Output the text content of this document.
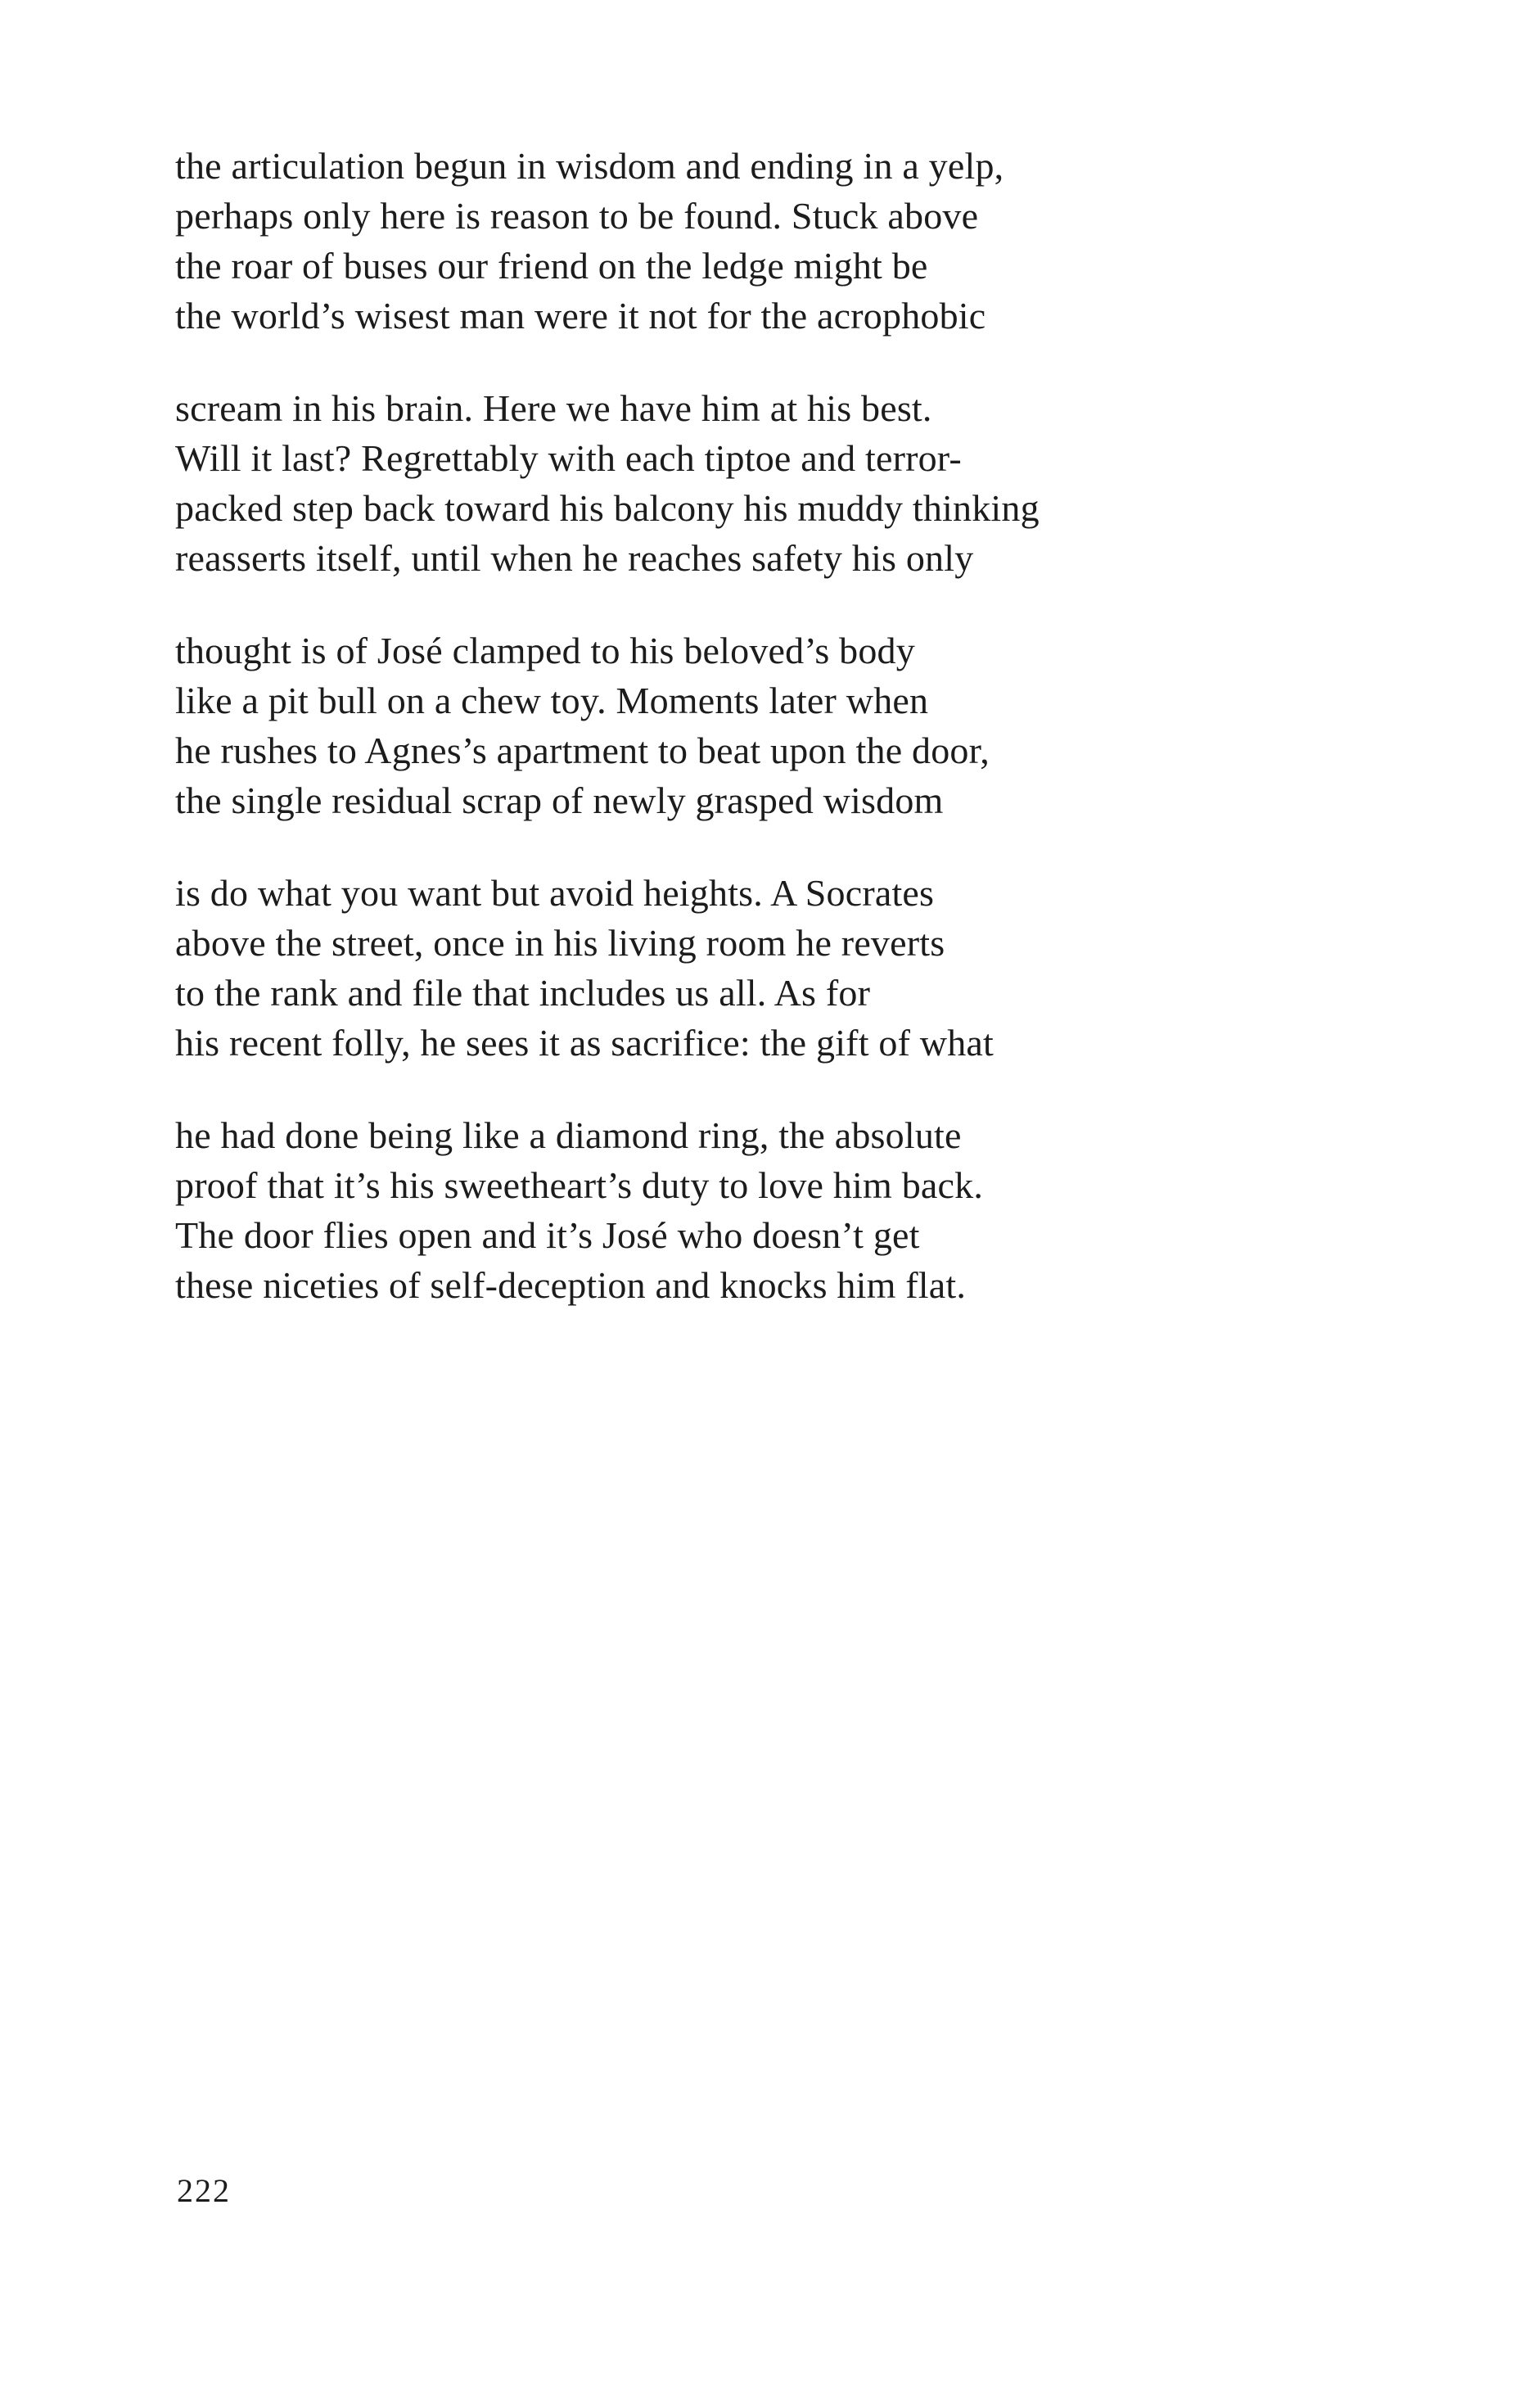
the articulation begun in wisdom and ending in a yelp,
perhaps only here is reason to be found. Stuck above
the roar of buses our friend on the ledge might be
the world’s wisest man were it not for the acrophobic
scream in his brain. Here we have him at his best.
Will it last? Regrettably with each tiptoe and terror-
packed step back toward his balcony his muddy thinking
reasserts itself, until when he reaches safety his only
thought is of José clamped to his beloved’s body
like a pit bull on a chew toy. Moments later when
he rushes to Agnes’s apartment to beat upon the door,
the single residual scrap of newly grasped wisdom
is do what you want but avoid heights. A Socrates
above the street, once in his living room he reverts
to the rank and file that includes us all. As for
his recent folly, he sees it as sacrifice: the gift of what
he had done being like a diamond ring, the absolute
proof that it’s his sweetheart’s duty to love him back.
The door flies open and it’s José who doesn’t get
these niceties of self-deception and knocks him flat.
222
